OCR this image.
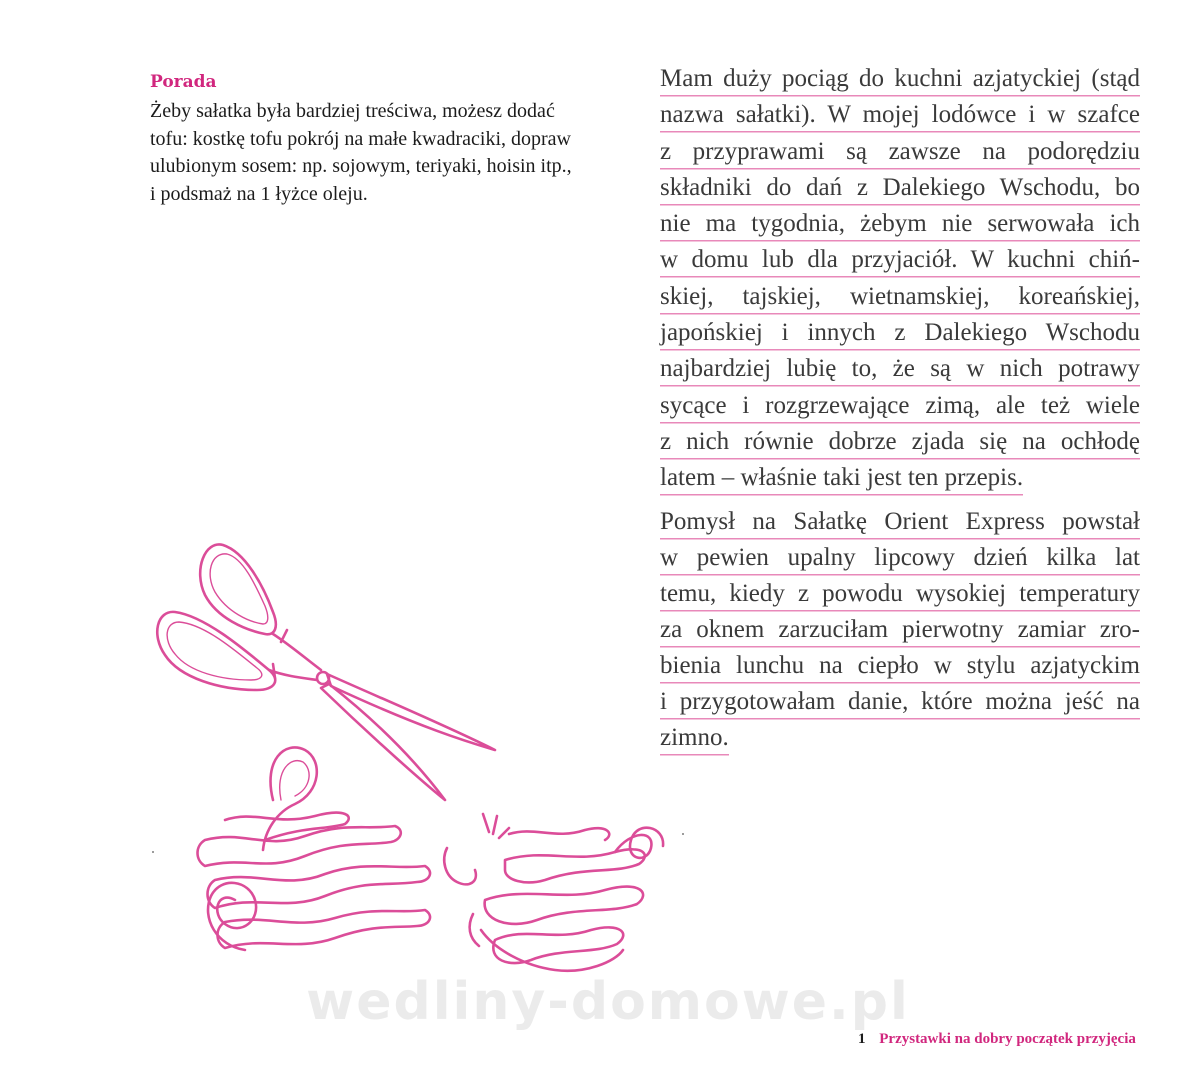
Porada
Żeby sałatka była bardziej treściwa, możesz dodać
tofu: kostkę tofu pokrój na małe kwadraciki, dopraw
ulubionym sosem: np. sojowym, teriyaki, hoisin itp.,
i podsmaż na 1 łyżce oleju.
Mam duży pociąg do kuchni azjatyckiej (stąd
nazwa sałatki). W mojej lodówce i w szafce
z przyprawami są zawsze na podorędziu
składniki do dań z Dalekiego Wschodu, bo
nie ma tygodnia, żebym nie serwowała ich
w domu lub dla przyjaciół. W kuchni chiń-
skiej, tajskiej, wietnamskiej, koreańskiej,
japońskiej i innych z Dalekiego Wschodu
najbardziej lubię to, że są w nich potrawy
sycące i rozgrzewające zimą, ale też wiele
z nich równie dobrze zjada się na ochłodę
latem – właśnie taki jest ten przepis.
Pomysł na Sałatkę Orient Express powstał
w pewien upalny lipcowy dzień kilka lat
temu, kiedy z powodu wysokiej temperatury
za oknem zarzuciłam pierwotny zamiar zro-
bienia lunchu na ciepło w stylu azjatyckim
i przygotowałam danie, które można jeść na
zimno.
wedliny-domowe.pl
1 Przystawki na dobry początek przyjęcia
